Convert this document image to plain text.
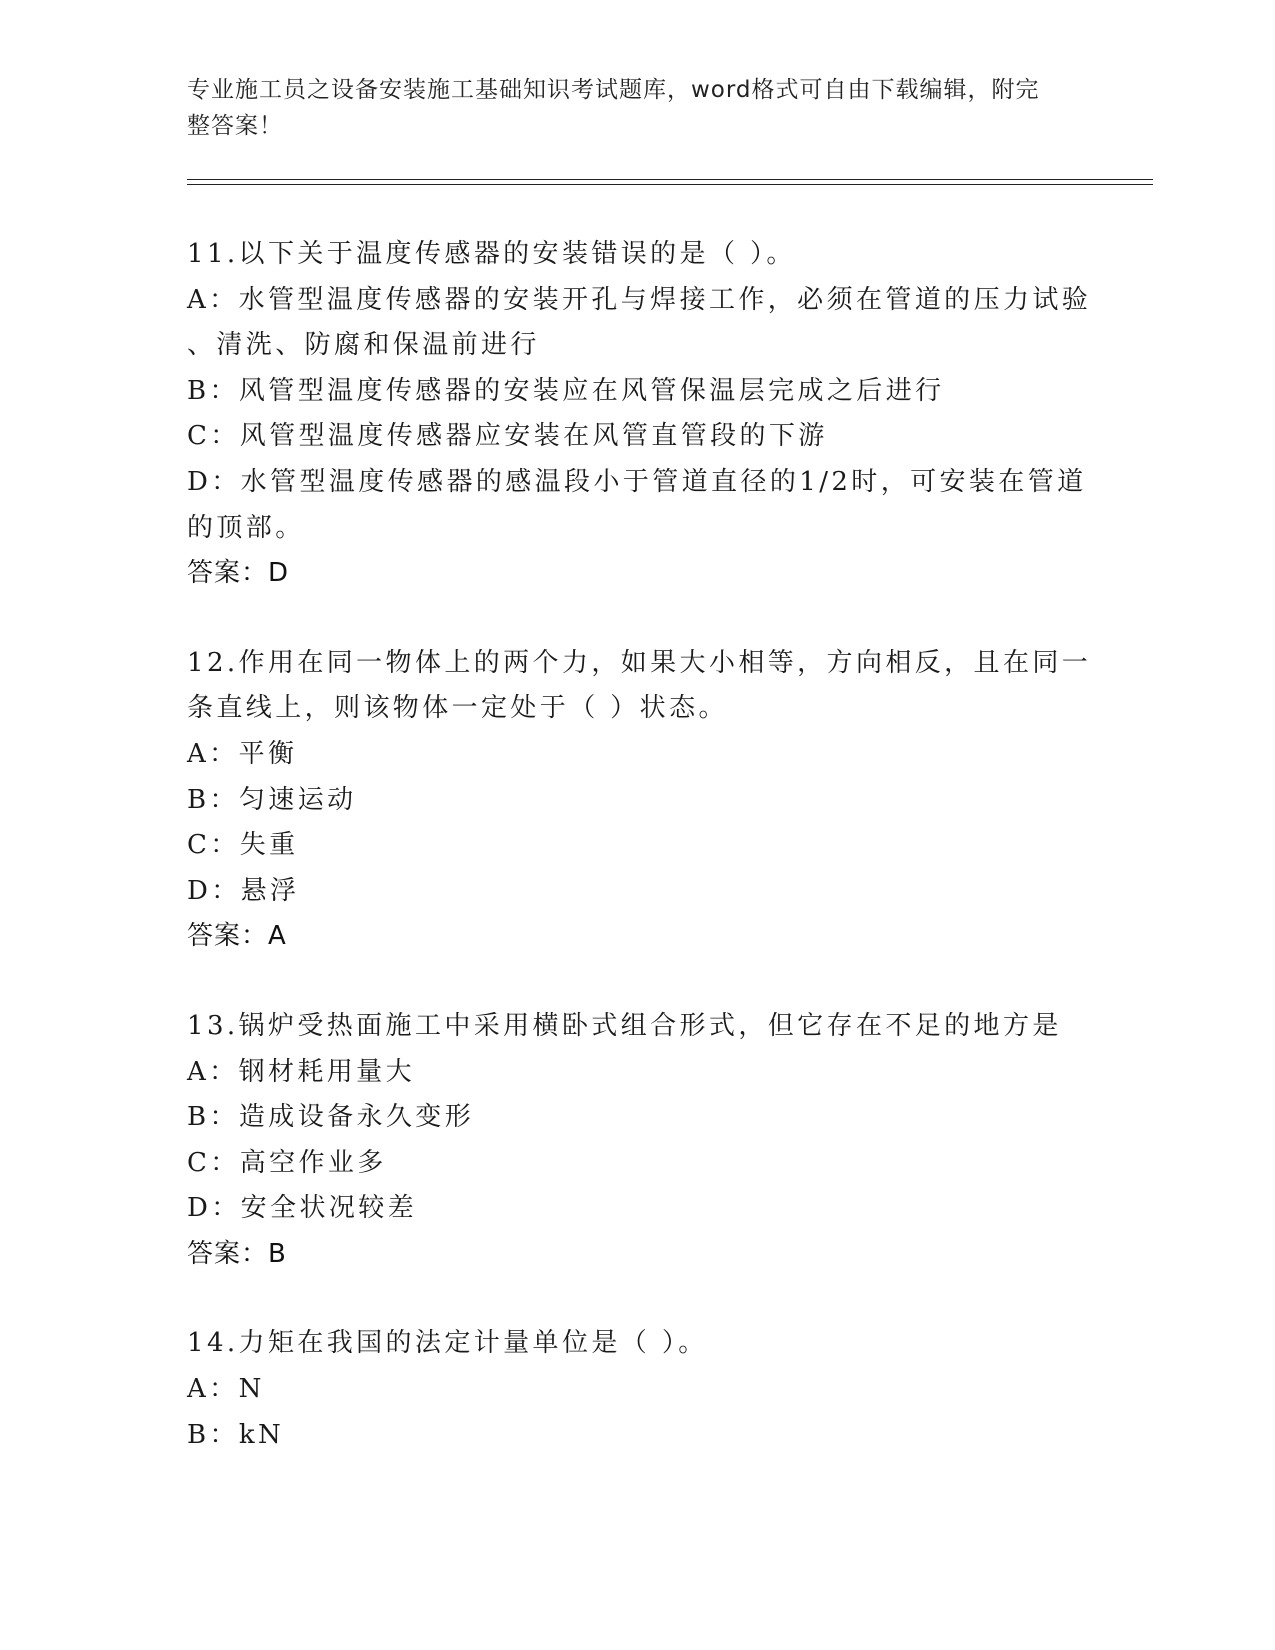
专业施工员之设备安装施工基础知识考试题库，word格式可自由下载编辑，附完
整答案！
11.以下关于温度传感器的安装错误的是（ ）。
A：水管型温度传感器的安装开孔与焊接工作，必须在管道的压力试验
、清洗、防腐和保温前进行
B：风管型温度传感器的安装应在风管保温层完成之后进行
C：风管型温度传感器应安装在风管直管段的下游
D：水管型温度传感器的感温段小于管道直径的1/2时，可安装在管道
的顶部。
答案：D
12.作用在同一物体上的两个力，如果大小相等，方向相反，且在同一
条直线上，则该物体一定处于（ ）状态。
A：平衡
B：匀速运动
C：失重
D：悬浮
答案：A
13.锅炉受热面施工中采用横卧式组合形式，但它存在不足的地方是
A：钢材耗用量大
B：造成设备永久变形
C：高空作业多
D：安全状况较差
答案：B
14.力矩在我国的法定计量单位是（ ）。
A：N
B：kN
